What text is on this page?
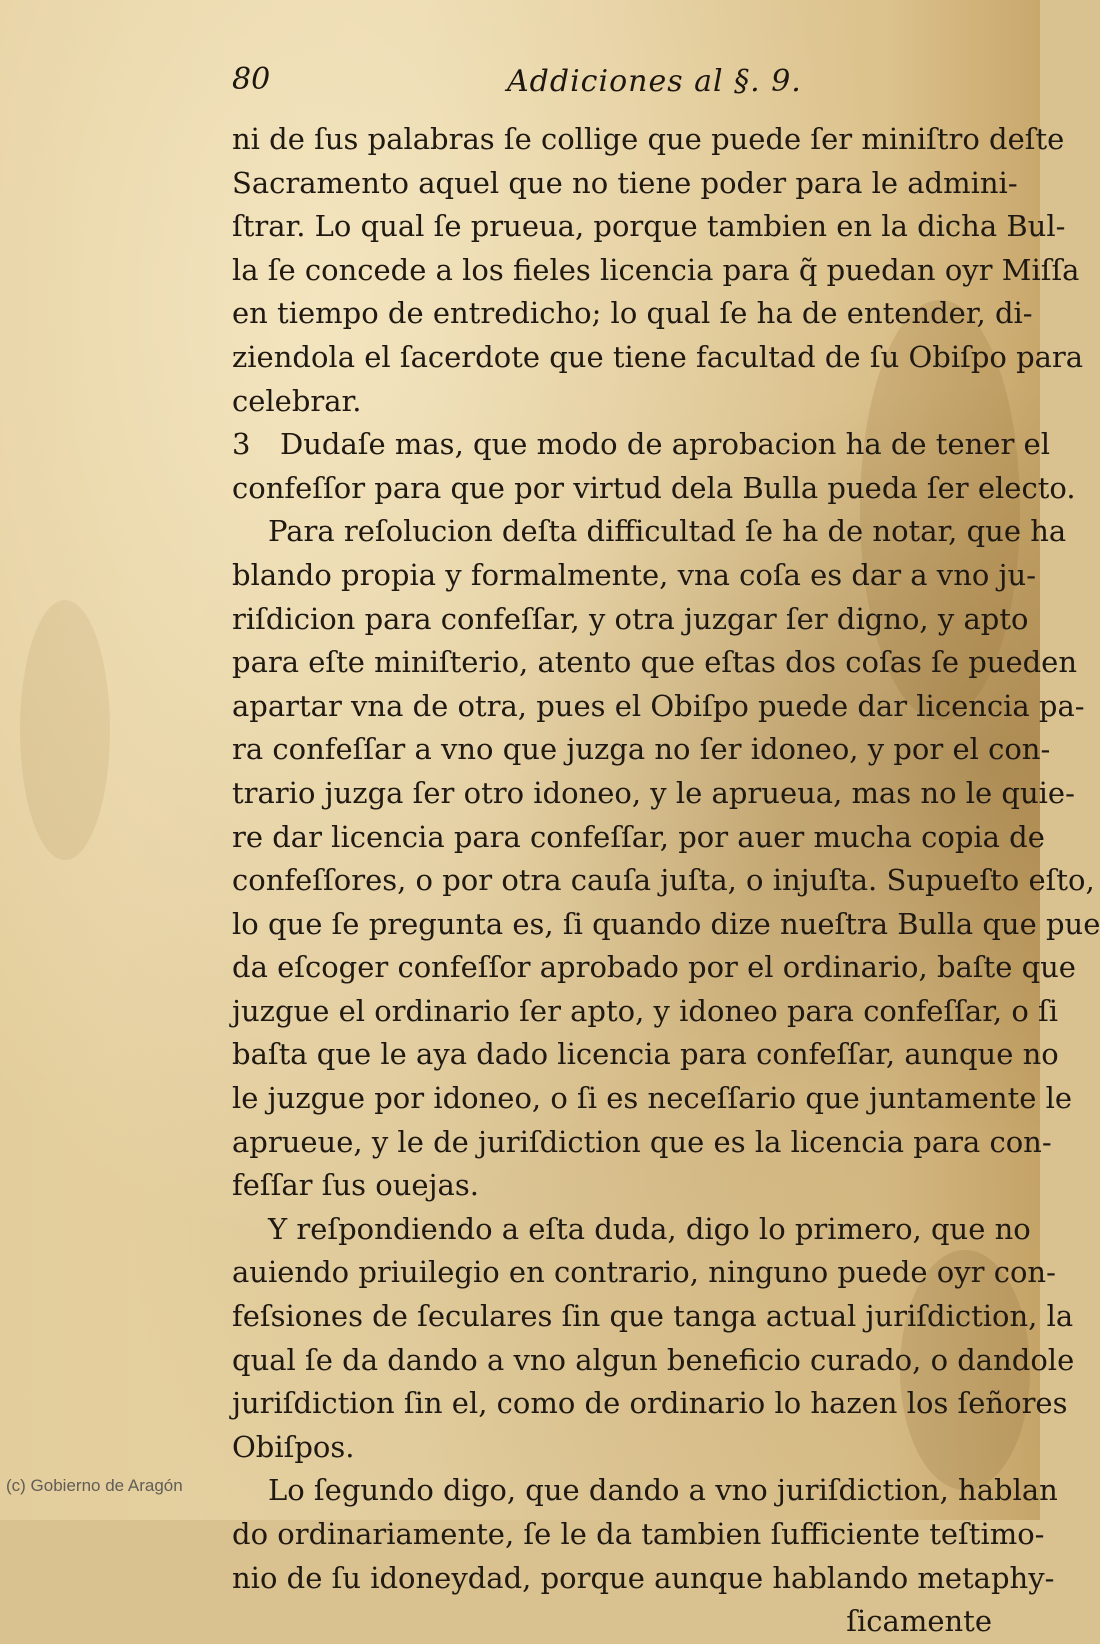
80	Addiciones al §. 9.
ni de ſus palabras ſe collige que puede ſer miniſtro deſte
Sacramento aquel que no tiene poder para le admini-
ſtrar. Lo qual ſe prueua, porque tambien en la dicha Bul-
la ſe concede a los fieles licencia para q̃ puedan oyr Miſſa
en tiempo de entredicho; lo qual ſe ha de entender, di-
ziendola el ſacerdote que tiene facultad de ſu Obiſpo para
celebrar.
3 Dudaſe mas, que modo de aprobacion ha de tener el
confeſſor para que por virtud dela Bulla pueda ſer electo.
Para reſolucion deſta difficultad ſe ha de notar, que ha
blando propia y formalmente, vna coſa es dar a vno ju-
riſdicion para confeſſar, y otra juzgar ſer digno, y apto
para eſte miniſterio, atento que eſtas dos coſas ſe pueden
apartar vna de otra, pues el Obiſpo puede dar licencia pa-
ra confeſſar a vno que juzga no ſer idoneo, y por el con-
trario juzga ſer otro idoneo, y le aprueua, mas no le quie-
re dar licencia para confeſſar, por auer mucha copia de
confeſſores, o por otra cauſa juſta, o injuſta. Supueſto eſto,
lo que ſe pregunta es, ſi quando dize nueſtra Bulla que pue
da eſcoger confeſſor aprobado por el ordinario, baſte que
juzgue el ordinario ſer apto, y idoneo para confeſſar, o ſi
baſta que le aya dado licencia para confeſſar, aunque no
le juzgue por idoneo, o ſi es neceſſario que juntamente le
aprueue, y le de juriſdiction que es la licencia para con-
feſſar ſus ouejas.
Y reſpondiendo a eſta duda, digo lo primero, que no
auiendo priuilegio en contrario, ninguno puede oyr con-
feſsiones de ſeculares ſin que tanga actual juriſdiction, la
qual ſe da dando a vno algun beneficio curado, o dandole
juriſdiction ſin el, como de ordinario lo hazen los ſeñores
Obiſpos.
Lo ſegundo digo, que dando a vno juriſdiction, hablan
do ordinariamente, ſe le da tambien ſufficiente teſtimo-
nio de ſu idoneydad, porque aunque hablando metaphy-
ſicamente
(c) Gobierno de Aragón
